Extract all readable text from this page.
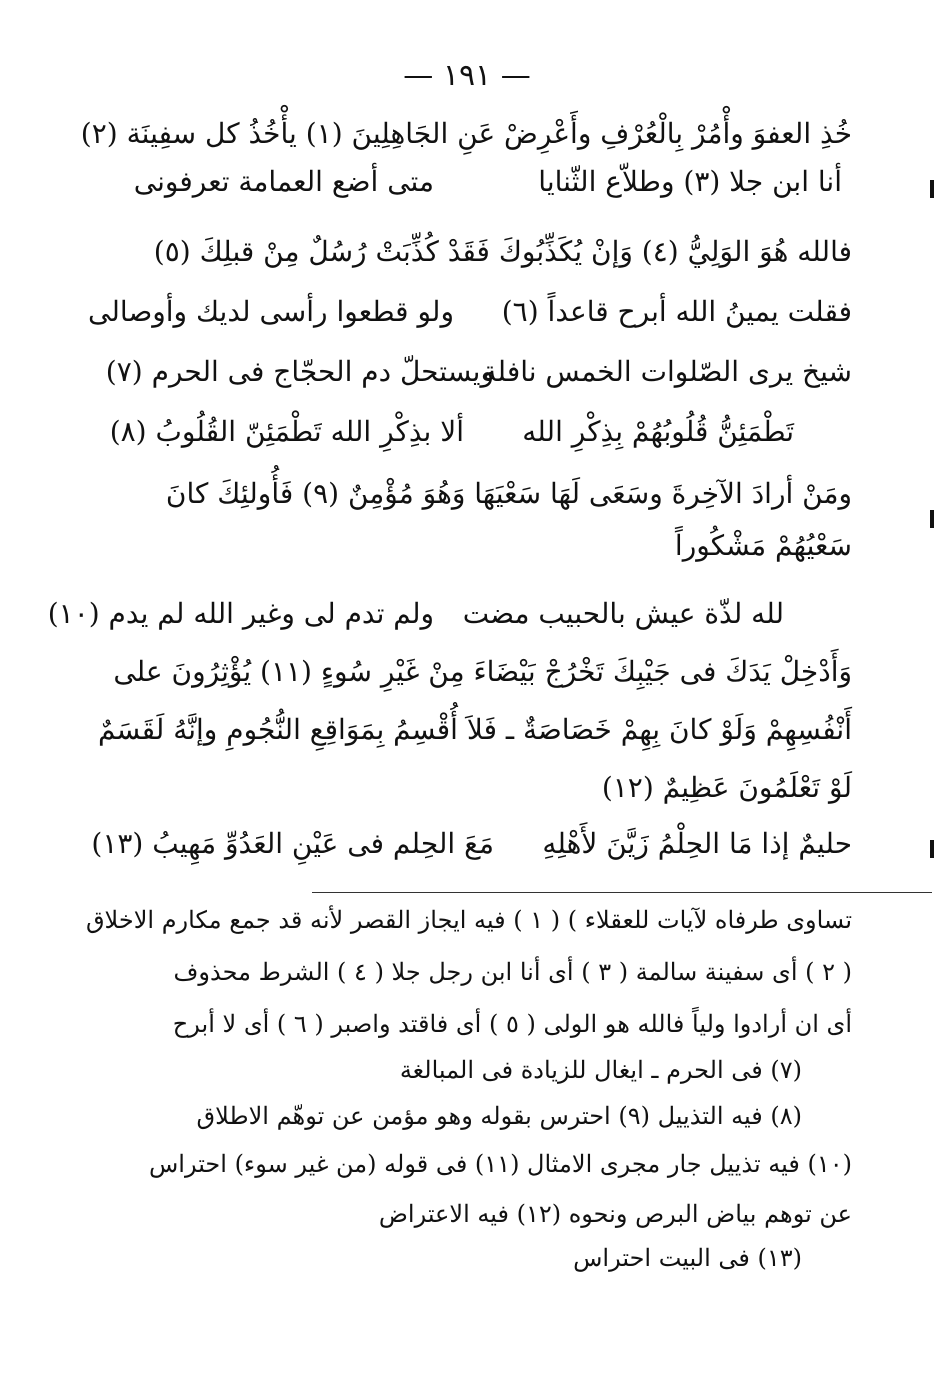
— ١٩١ —
خُذِ العفوَ وأْمُرْ بِالْعُرْفِ وأَعْرِضْ عَنِ الجَاهِلِينَ (١) يأْخُذُ كل سفِينَة (٢)
أنا ابن جلا (٣) وطلاّع الثّنايا
متى أضع العمامة تعرفونى
فالله هُوَ الوَلِيُّ (٤) وَإنْ يُكَذِّبُوكَ فَقَدْ كُذِّبَتْ رُسُلٌ مِنْ قبلِكَ (٥)
فقلت يمينُ الله أبرح قاعداً (٦)
ولو قطعوا رأسى لديك وأوصالى
شيخ يرى الصّلوات الخمس نافلة
ويستحلّ دم الحجّاج فى الحرم (٧)
تَطْمَئِنُّ قُلُوبُهُمْ بِذِكْرِ الله
ألا بذِكْرِ الله تَطْمَئِنّ القُلُوبُ (٨)
ومَنْ أرادَ الآخِرةَ وسَعَى لَهَا سَعْيَهَا وَهُوَ مُؤْمِنٌ (٩) فَأُولئِكَ كانَ
سَعْيُهُمْ مَشْكُوراً
لله لذّة عيش بالحبيب مضت
ولم تدم لى وغير الله لم يدم (١٠)
وَأَدْخِلْ يَدَكَ فى جَيْبِكَ تَخْرُجْ بَيْضَاءَ مِنْ غَيْرِ سُوءٍ (١١) يُؤْثِرُونَ على
أَنْفُسِهِمْ وَلَوْ كانَ بِهِمْ خَصَاصَةٌ ـ فَلاَ أُقْسِمُ بِمَوَاقِعِ النُّجُومِ وإنَّهُ لَقَسَمٌ
لَوْ تَعْلَمُونَ عَظِيمٌ (١٢)
حليمٌ إذا مَا الحِلْمُ زَيَّنَ لأَهْلِهِ
مَعَ الحِلم فى عَيْنِ العَدُوِّ مَهِيبُ (١٣)
تساوى طرفاه لآيات للعقلاء ) ( ١ ) فيه ايجاز القصر لأنه قد جمع مكارم الاخلاق
( ٢ ) أى سفينة سالمة ( ٣ ) أى أنا ابن رجل جلا ( ٤ ) الشرط محذوف
أى ان أرادوا ولياً فالله هو الولى ( ٥ ) أى فاقتد واصبر ( ٦ ) أى لا أبرح
(٧) فى الحرم ـ ايغال للزيادة فى المبالغة
(٨) فيه التذييل (٩) احترس بقوله وهو مؤمن عن توهّم الاطلاق
(١٠) فيه تذييل جار مجرى الامثال (١١) فى قوله (من غير سوء) احتراس
عن توهم بياض البرص ونحوه (١٢) فيه الاعتراض
(١٣) فى البيت احتراس
